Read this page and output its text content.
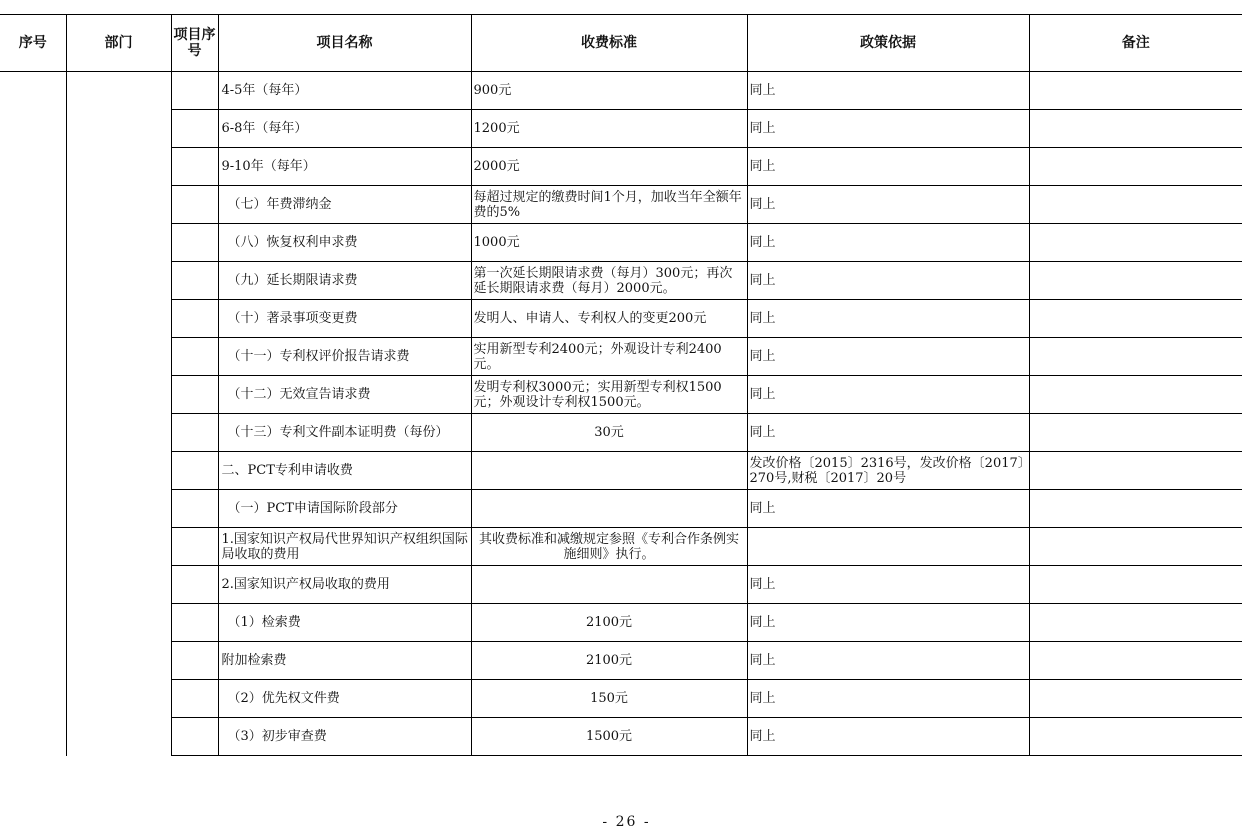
序号	部门	项目序号	项目名称	收费标准	政策依据	备注
			4-5年（每年）	900元	同上	
			6-8年（每年）	1200元	同上	
			9-10年（每年）	2000元	同上	
			（七）年费滞纳金	每超过规定的缴费时间1个月，加收当年全额年费的5%	同上	
			（八）恢复权利申求费	1000元	同上	
			（九）延长期限请求费	第一次延长期限请求费（每月）300元；再次延长期限请求费（每月）2000元。	同上	
			（十）著录事项变更费	发明人、申请人、专利权人的变更200元	同上	
			（十一）专利权评价报告请求费	实用新型专利2400元；外观设计专利2400元。	同上	
			（十二）无效宣告请求费	发明专利权3000元；实用新型专利权1500元；外观设计专利权1500元。	同上	
			（十三）专利文件副本证明费（每份）	30元	同上	
			二、PCT专利申请收费		发改价格〔2015〕2316号，发改价格〔2017〕270号,财税〔2017〕20号	
			（一）PCT申请国际阶段部分		同上	
			1.国家知识产权局代世界知识产权组织国际局收取的费用	其收费标准和减缴规定参照《专利合作条例实施细则》执行。		
			2.国家知识产权局收取的费用		同上	
			（1）检索费	2100元	同上	
			附加检索费	2100元	同上	
			（2）优先权文件费	150元	同上	
			（3）初步审查费	1500元	同上	
- 26 -
